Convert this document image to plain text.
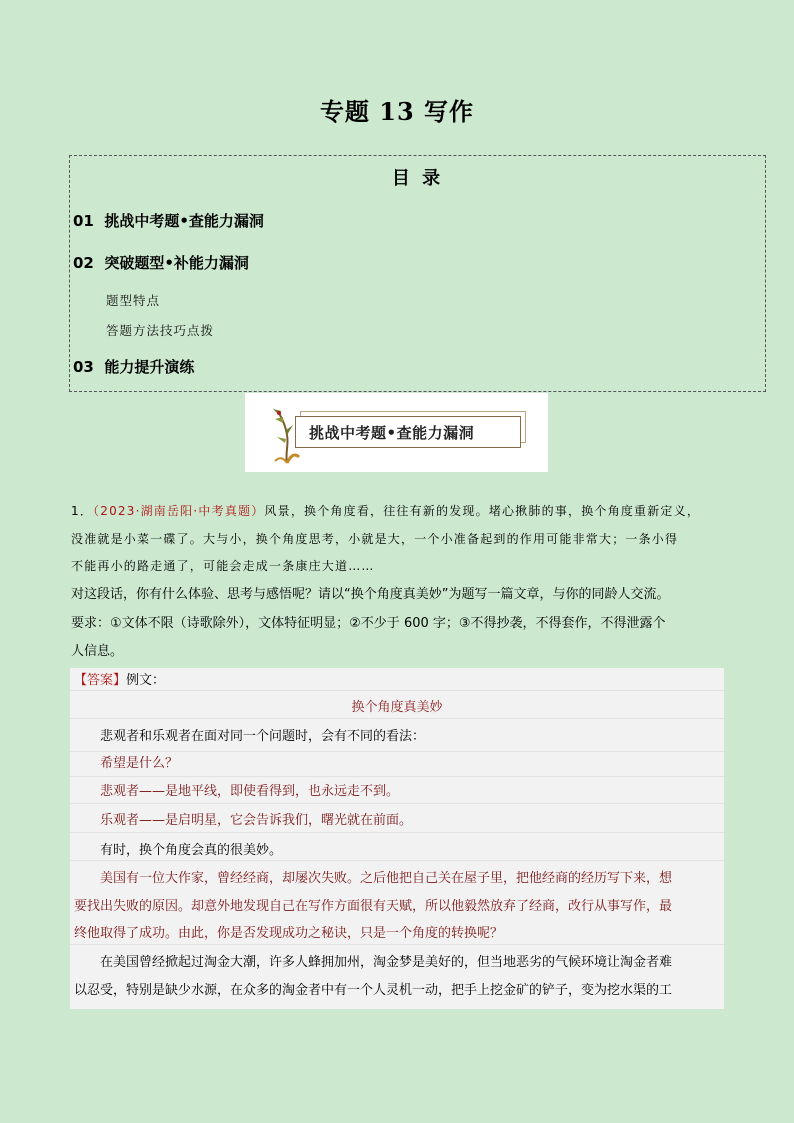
专题 13 写作
目 录
01 挑战中考题•查能力漏洞
02 突破题型•补能力漏洞
题型特点
答题方法技巧点拨
03 能力提升演练
挑战中考题•查能力漏洞
1．（2023·湖南岳阳·中考真题）风景，换个角度看，往往有新的发现。堵心揪肺的事，换个角度重新定义，
没准就是小菜一碟了。大与小，换个角度思考，小就是大，一个小准备起到的作用可能非常大；一条小得
不能再小的路走通了，可能会走成一条康庄大道……
对这段话，你有什么体验、思考与感悟呢？请以“换个角度真美妙”为题写一篇文章，与你的同龄人交流。
要求：①文体不限（诗歌除外），文体特征明显；②不少于 600 字；③不得抄袭，不得套作，不得泄露个
人信息。
【答案】例文：
换个角度真美妙
悲观者和乐观者在面对同一个问题时，会有不同的看法：
希望是什么？
悲观者——是地平线，即使看得到，也永远走不到。
乐观者——是启明星，它会告诉我们，曙光就在前面。
有时，换个角度会真的很美妙。
美国有一位大作家，曾经经商，却屡次失败。之后他把自己关在屋子里，把他经商的经历写下来，想
要找出失败的原因。却意外地发现自己在写作方面很有天赋，所以他毅然放弃了经商，改行从事写作，最
终他取得了成功。由此，你是否发现成功之秘诀，只是一个角度的转换呢？
在美国曾经掀起过淘金大潮，许多人蜂拥加州，淘金梦是美好的，但当地恶劣的气候环境让淘金者难
以忍受，特别是缺少水源，在众多的淘金者中有一个人灵机一动，把手上挖金矿的铲子，变为挖水渠的工
